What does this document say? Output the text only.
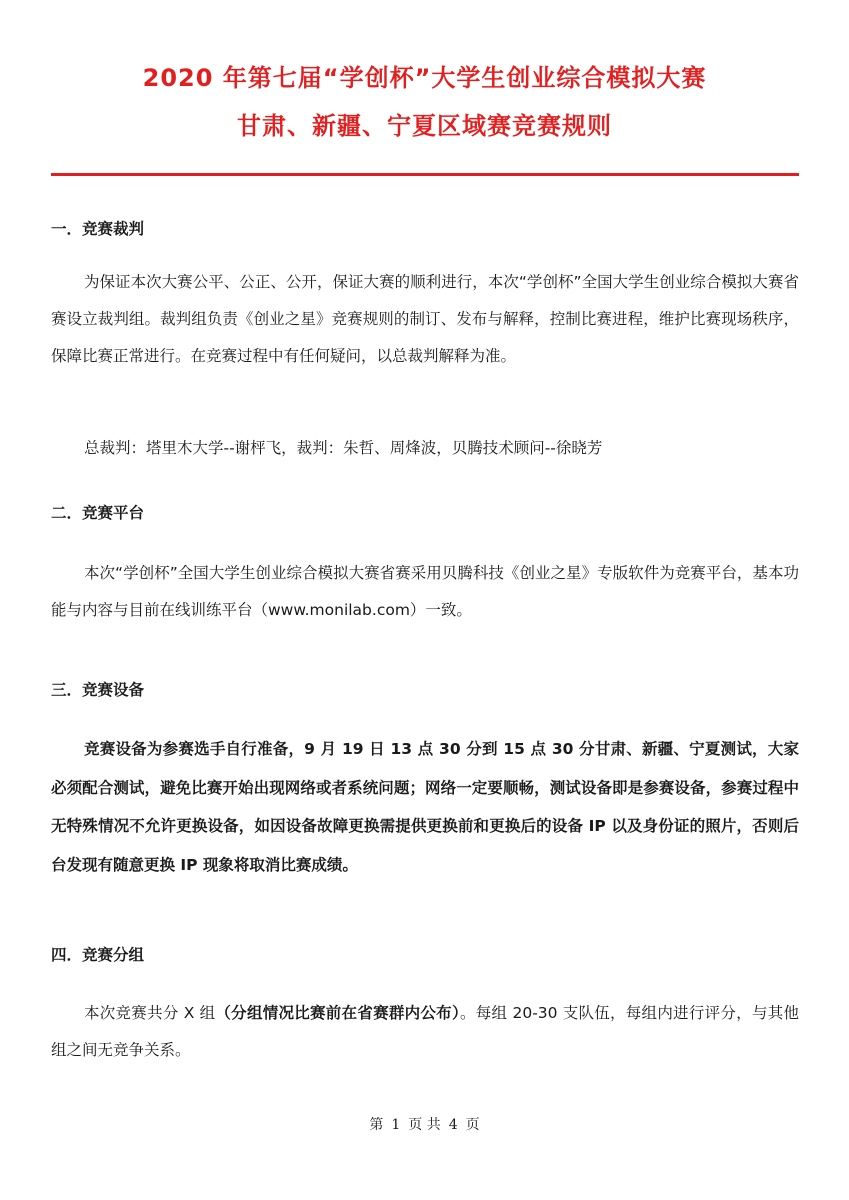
2020 年第七届“学创杯”大学生创业综合模拟大赛
甘肃、新疆、宁夏区域赛竞赛规则
一．竞赛裁判

为保证本次大赛公平、公正、公开，保证大赛的顺利进行，本次“学创杯”全国大学生创业综合模拟大赛省赛设立裁判组。裁判组负责《创业之星》竞赛规则的制订、发布与解释，控制比赛进程，维护比赛现场秩序，保障比赛正常进行。在竞赛过程中有任何疑问，以总裁判解释为准。

总裁判：塔里木大学--谢枰飞，裁判：朱哲、周烽波，贝腾技术顾问--徐晓芳

二．竞赛平台

本次“学创杯”全国大学生创业综合模拟大赛省赛采用贝腾科技《创业之星》专版软件为竞赛平台，基本功能与内容与目前在线训练平台（www.monilab.com）一致。

三．竞赛设备

竞赛设备为参赛选手自行准备，9 月 19 日 13 点 30 分到 15 点 30 分甘肃、新疆、宁夏测试，大家必须配合测试，避免比赛开始出现网络或者系统问题；网络一定要顺畅，测试设备即是参赛设备，参赛过程中无特殊情况不允许更换设备，如因设备故障更换需提供更换前和更换后的设备 IP 以及身份证的照片，否则后台发现有随意更换 IP 现象将取消比赛成绩。

四．竞赛分组

本次竞赛共分 X 组（分组情况比赛前在省赛群内公布）。每组 20-30 支队伍，每组内进行评分，与其他组之间无竞争关系。

第 1 页 共 4 页
